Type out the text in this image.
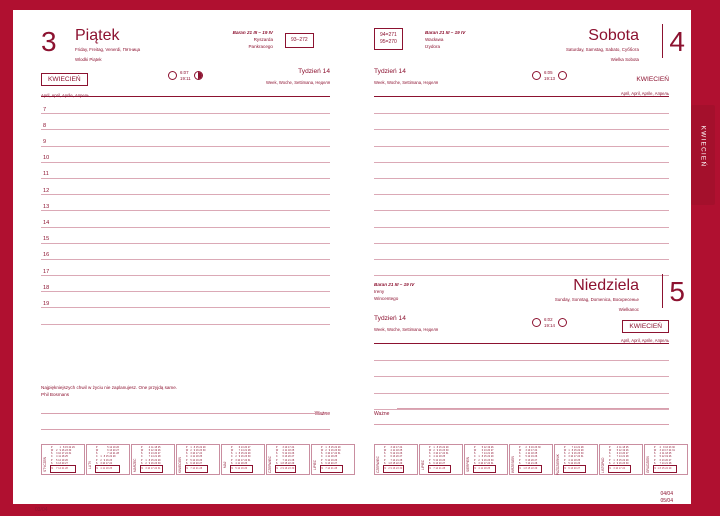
3 Piątek
Friday, Freitag, Venerdi, Пятница
Wlodki Piątek
Baran 21 III – 19 IV
Ryszarda
Pankracego
93–272
KWIECIEŃ
April, April, Aprile, Апрель
6:07
19:11
Tydzień 14
Week, Woche, Settimana, Неделя
7
8
9
10
11
12
13
14
15
16
17
18
19
Najpiękniejszych chwil w życiu nie zaplanujesz. One przyjdą same.
Phil Bosmans
Ważne
STYCZEŃ
P				1	8	15	22	29
W			2	9	16	23	30	
Ś			3	10	17	24	31	
C			4	11	18	25		
P			5	12	19	26		
S			6	13	20	27		
N			7	14	21	28			LUTY
P				5	12	19	26
W				6	13	20	27
Ś				7	14	21	28
C		1	8	15	22	29	
P		2	9	16	23		
S		3	10	17	24		
N		4	11	18	25			MARZEC
P			4	11	18	25	
W			5	12	19	26	
Ś			6	13	20	27	
C			7	14	21	28	
P		1	8	15	22	29	
S		2	9	16	23	30	
N		3	10	17	24	31		KWIECIEŃ
P		1	8	15	22	29	
W		2	9	16	23	30	
Ś		3	10	17	24		
C		4	11	18	25		
P		5	12	19	26		
S		6	13	20	27		
N		7	14	21	28		
MAJ
P			6	13	20	27	
W			7	14	21	28	
Ś		1	8	15	22	29	
C		2	9	16	23	30	
P		3	10	17	24	31	
S		4	11	18	25		
N		5	12	19	26			CZERWIEC
P			3	10	17	24	
W			4	11	18	25	
Ś			5	12	19	26	
C			6	13	20	27	
P			7	14	21	28	
S		1	8	15	22	29	
N		2	9	16	23	30		LIPIEC
P		1	8	15	22	29	
W		2	9	16	23	30	
Ś		3	10	17	24	31	
C		4	11	18	25		
P		5	12	19	26		
S		6	13	20	27		
N		7	14	21	28		
03/04
94=271
95=270
Baran 21 III – 19 IV
Wacława
Izydora
Sobota
Saturday, Samstag, Sabato, Cуббота
Wielka Sobota
4
Tydzień 14
Week, Woche, Settimana, Неделя
6:05
19:13	KWIECIEŃ
April, April, Aprile, Апрель
Baran 21 III – 19 IV
Ireny
Wincentego
Niedziela
Sunday, Sonntag, Domenica, Воскресенье
Wielkanoc
5
Tydzień 14
Week, Woche, Settimana, Неделя
6:02
19:14	KWIECIEŃ
April, April, Aprile, Апрель
Ważne
CZERWIEC
P			3	10	17	24	
W			4	11	18	25	
Ś			5	12	19	26	
C			6	13	20	27	
P			7	14	21	28	
S		1	8	15	22	29	
N		2	9	16	23	30		LIPIEC
P		1	8	15	22	29	
W		2	9	16	23	30	
Ś		3	10	17	24	31	
C		4	11	18	25		
P		5	12	19	26		
S		6	13	20	27		
N		7	14	21	28			SIERPIEŃ
P			5	12	19	26	
W			6	13	20	27	
Ś			7	14	21	28	
C		1	8	15	22	29	
P		2	9	16	23	30	
S		3	10	17	24	31	
N		4	11	18	25			WRZESIEŃ
P			2	9	16	23	30
W			3	10	17	24	
Ś			4	11	18	25	
C			5	12	19	26	
P			6	13	20	27	
S			7	14	21	28	
N		1	8	15	22	29		PAŹDZIERNIK
P			7	14	21	28	
W		1	8	15	22	29	
Ś		2	9	16	23	30	
C		3	10	17	24	31	
P		4	11	18	25		
S		5	12	19	26		
N		6	13	20	27			LISTOPAD
P			4	11	18	25	
W			5	12	19	26	
Ś			6	13	20	27	
C			7	14	21	28	
P		1	8	15	22	29	
S		2	9	16	23	30	
N		3	10	17	24			GRUDZIEŃ
P		2	9	16	23	30	
W		3	10	17	24	31	
Ś		4	11	18	25		
C		5	12	19	26		
P		6	13	20	27		
S		7	14	21	28		
N	1	8	15	22	29		
04/04
05/04
KWIECIEŃ
